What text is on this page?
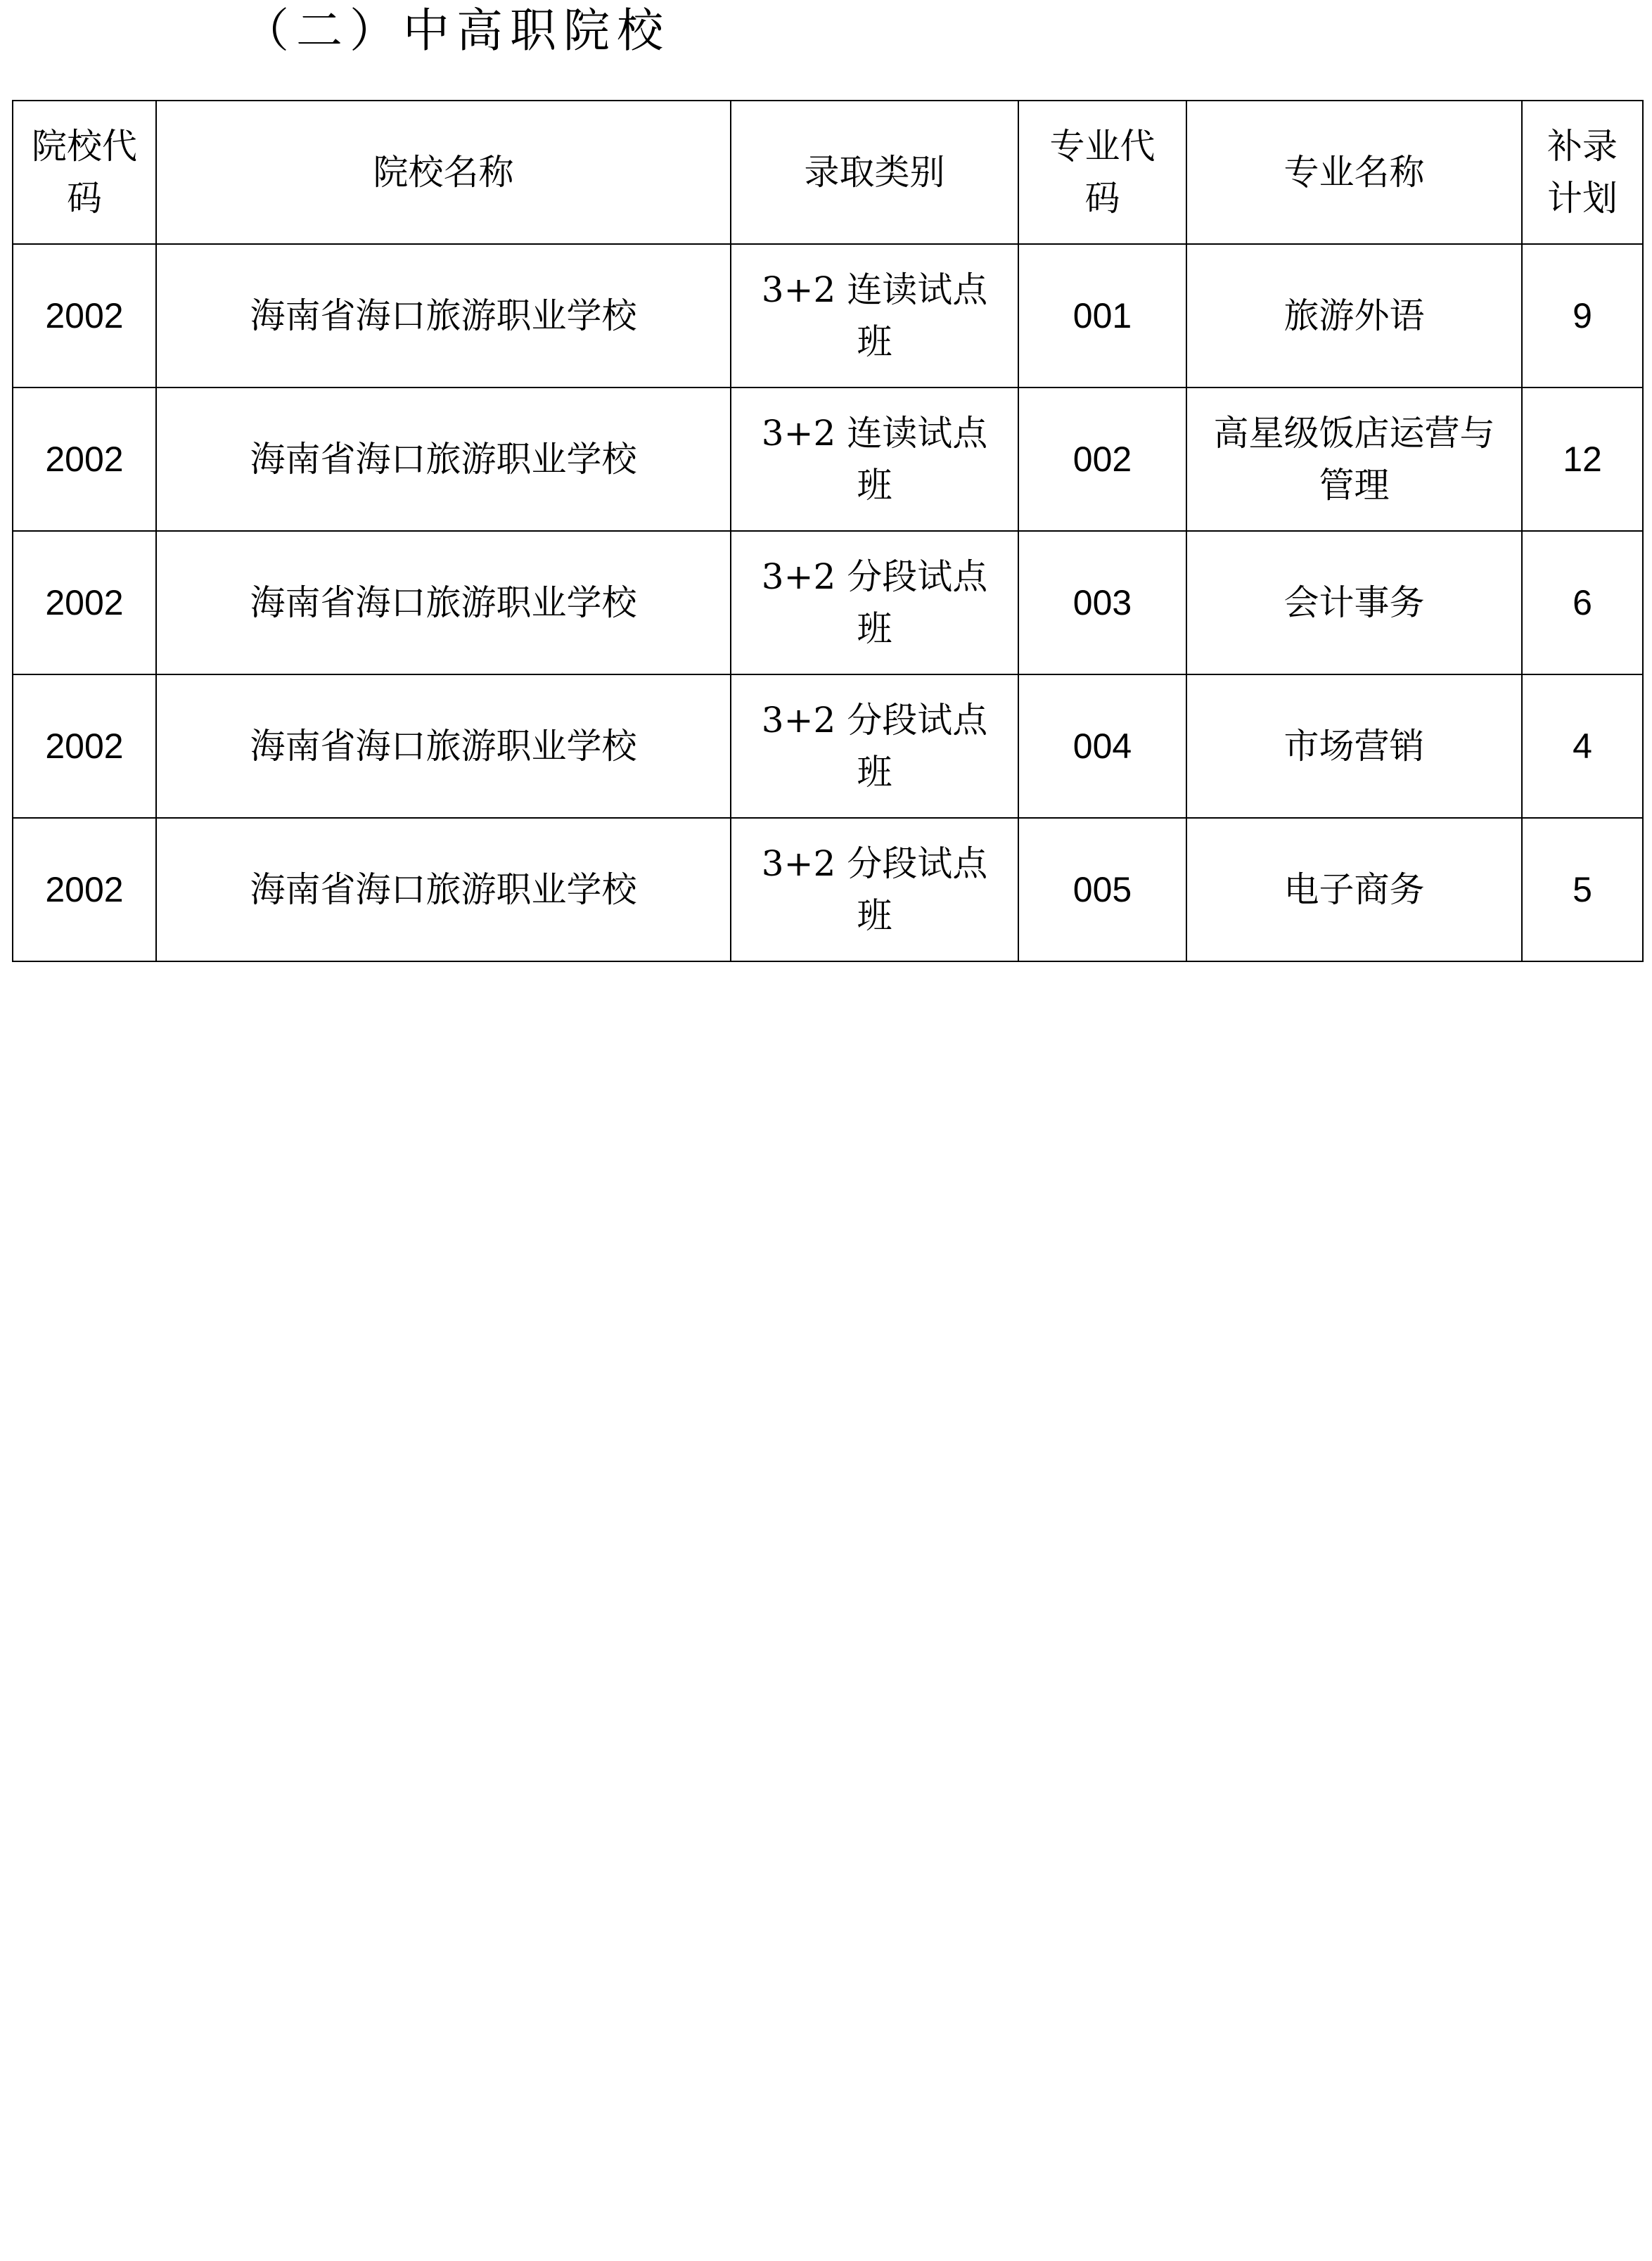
（二）中高职院校
院校代码	院校名称	录取类别	专业代码	专业名称	补录计划
2002	海南省海口旅游职业学校	3+2 连读试点班	001	旅游外语	9
2002	海南省海口旅游职业学校	3+2 连读试点班	002	高星级饭店运营与管理	12
2002	海南省海口旅游职业学校	3+2 分段试点班	003	会计事务	6
2002	海南省海口旅游职业学校	3+2 分段试点班	004	市场营销	4
2002	海南省海口旅游职业学校	3+2 分段试点班	005	电子商务	5
